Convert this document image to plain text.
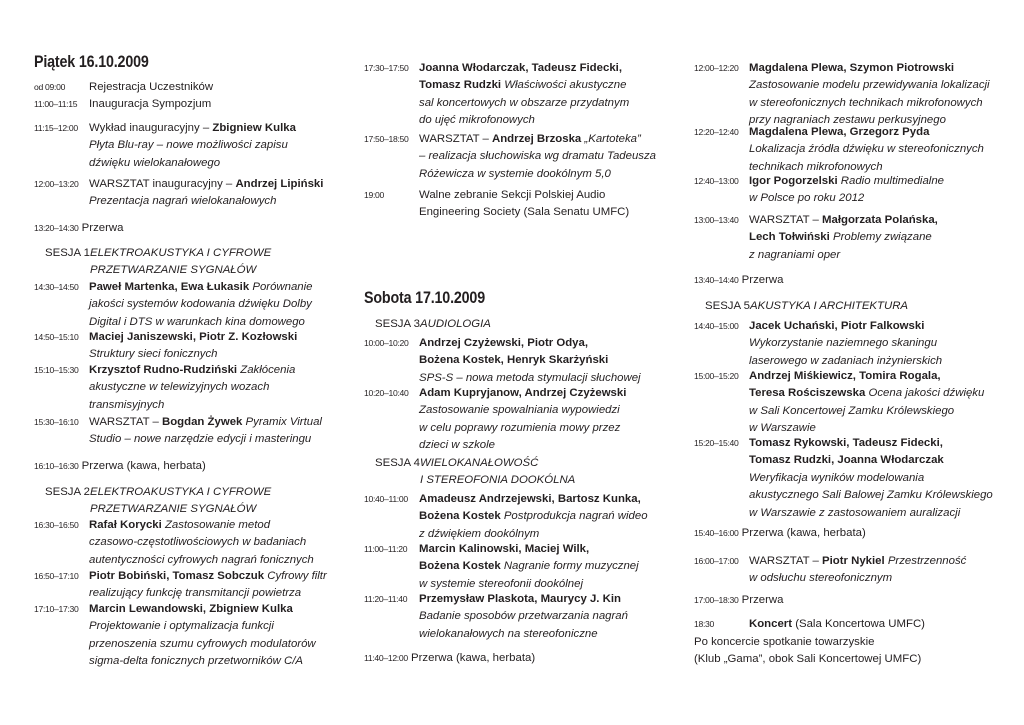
Piątek 16.10.2009
od 09:00 Rejestracja Uczestników
11:00–11:15 Inauguracja Sympozjum
11:15–12:00 Wykład inauguracyjny – Zbigniew Kulka
Płyta Blu-ray – nowe możliwości zapisu
dźwięku wielokanałowego
12:00–13:20 WARSZTAT inauguracyjny – Andrzej Lipiński
Prezentacja nagrań wielokanałowych
13:20–14:30 Przerwa
SESJA 1 ELEKTROAKUSTYKA I CYFROWE

PRZETWARZANIE SYGNAŁÓW
14:30–14:50 Paweł Martenka, Ewa Łukasik Porównanie
jakości systemów kodowania dźwięku Dolby
Digital i DTS w warunkach kina domowego
14:50–15:10 Maciej Janiszewski, Piotr Z. Kozłowski
Struktury sieci fonicznych
15:10–15:30 Krzysztof Rudno-Rudziński Zakłócenia
akustyczne w telewizyjnych wozach
transmisyjnych
15:30–16:10 WARSZTAT – Bogdan Żywek Pyramix Virtual
Studio – nowe narzędzie edycji i masteringu
16:10–16:30 Przerwa (kawa, herbata)
SESJA 2 ELEKTROAKUSTYKA I CYFROWE

PRZETWARZANIE SYGNAŁÓW
16:30–16:50 Rafał Korycki Zastosowanie metod
czasowo-częstotliwościowych w badaniach
autentyczności cyfrowych nagrań fonicznych
16:50–17:10 Piotr Bobiński, Tomasz Sobczuk Cyfrowy filtr
realizujący funkcję transmitancji powietrza
17:10–17:30 Marcin Lewandowski, Zbigniew Kulka
Projektowanie i optymalizacja funkcji
przenoszenia szumu cyfrowych modulatorów
sigma-delta fonicznych przetworników C/A
17:30–17:50 Joanna Włodarczak, Tadeusz Fidecki,
Tomasz Rudzki Właściwości akustyczne
sal koncertowych w obszarze przydatnym
do ujęć mikrofonowych
17:50–18:50 WARSZTAT – Andrzej Brzoska „Kartoteka”
– realizacja słuchowiska wg dramatu Tadeusza
Różewicza w systemie dookólnym 5,0
19:00	Walne zebranie Sekcji Polskiej Audio
Engineering Society (Sala Senatu UMFC)
Sobota 17.10.2009
SESJA 3 AUDIOLOGIA
10:00–10:20 Andrzej Czyżewski, Piotr Odya,
Bożena Kostek, Henryk Skarżyński
SPS-S – nowa metoda stymulacji słuchowej
10:20–10:40 Adam Kupryjanow, Andrzej Czyżewski
Zastosowanie spowalniania wypowiedzi
w celu poprawy rozumienia mowy przez
dzieci w szkole
SESJA 4 WIELOKANAŁOWOŚĆ

I STEREOFONIA DOOKÓLNA
10:40–11:00 Amadeusz Andrzejewski, Bartosz Kunka,
Bożena Kostek Postprodukcja nagrań wideo
z dźwiękiem dookólnym
11:00–11:20 Marcin Kalinowski, Maciej Wilk,
Bożena Kostek Nagranie formy muzycznej
w systemie stereofonii dookólnej
11:20–11:40 Przemysław Plaskota, Maurycy J. Kin
Badanie sposobów przetwarzania nagrań
wielokanałowych na stereofoniczne
11:40–12:00 Przerwa (kawa, herbata)
12:00–12:20 Magdalena Plewa, Szymon Piotrowski
Zastosowanie modelu przewidywania lokalizacji
w stereofonicznych technikach mikrofonowych
przy nagraniach zestawu perkusyjnego
12:20–12:40 Magdalena Plewa, Grzegorz Pyda
Lokalizacja źródła dźwięku w stereofonicznych
technikach mikrofonowych
12:40–13:00 Igor Pogorzelski Radio multimedialne
w Polsce po roku 2012
13:00–13:40 WARSZTAT – Małgorzata Polańska,
Lech Tołwiński Problemy związane
z nagraniami oper
13:40–14:40 Przerwa
SESJA 5 AKUSTYKA I ARCHITEKTURA
14:40–15:00 Jacek Uchański, Piotr Falkowski
Wykorzystanie naziemnego skaningu
laserowego w zadaniach inżynierskich
15:00–15:20 Andrzej Miśkiewicz, Tomira Rogala,
Teresa Rościszewska Ocena jakości dźwięku
w Sali Koncertowej Zamku Królewskiego
w Warszawie
15:20–15:40 Tomasz Rykowski, Tadeusz Fidecki,
Tomasz Rudzki, Joanna Włodarczak
Weryfikacja wyników modelowania
akustycznego Sali Balowej Zamku Królewskiego
w Warszawie z zastosowaniem auralizacji
15:40–16:00 Przerwa (kawa, herbata)
16:00–17:00 WARSZTAT – Piotr Nykiel Przestrzenność
w odsłuchu stereofonicznym
17:00–18:30 Przerwa
18:30	Koncert (Sala Koncertowa UMFC)
Po koncercie spotkanie towarzyskie
(Klub „Gama”, obok Sali Koncertowej UMFC)
